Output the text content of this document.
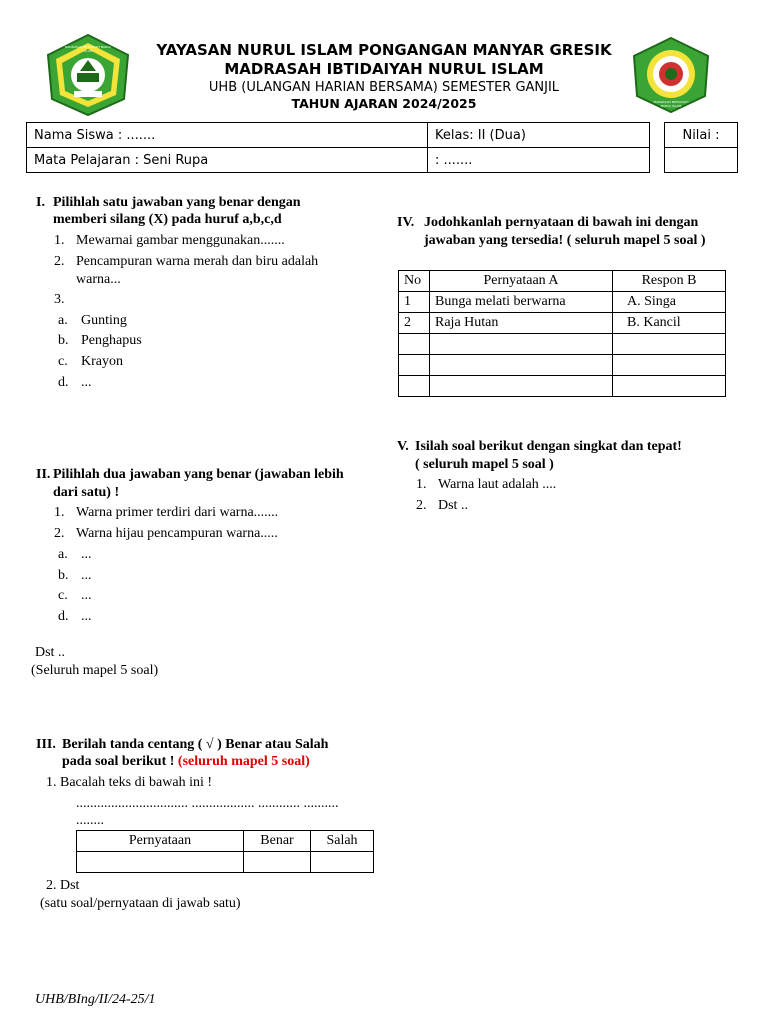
MADRASAH IBTIDAIYAH NURUL ISLAM
MADRASAH IBTIDAIYAH NURUL ISLAM
YAYASAN NURUL ISLAM PONGANGAN MANYAR GRESIK
MADRASAH IBTIDAIYAH NURUL ISLAM
UHB (ULANGAN HARIAN BERSAMA) SEMESTER GANJIL
TAHUN AJARAN 2024/2025
Nama Siswa : .......	Kelas: II (Dua)
Mata Pelajaran : Seni Rupa	: .......
Nilai :

I. Pilihlah satu jawaban yang benar dengan
memberi silang (X) pada huruf a,b,c,d
1. Mewarnai gambar menggunakan.......
2. Pencampuran warna merah dan biru adalah
warna...
3.
a. Gunting
b. Penghapus
c. Krayon
d. ...
II. Pilihlah dua jawaban yang benar (jawaban lebih
dari satu) !
1. Warna primer terdiri dari warna.......
2. Warna hijau pencampuran warna.....
a. ...
b. ...
c. ...
d. ...
Dst ..
(Seluruh mapel 5 soal)
III. Berilah tanda centang ( √ ) Benar atau Salah
pada soal berikut ! (seluruh mapel 5 soal)
1. Bacalah teks di bawah ini !
................................ .................. ............ ..........
........
Pernyataan	Benar	Salah

2. Dst
(satu soal/pernyataan di jawab satu)
IV. Jodohkanlah pernyataan di bawah ini dengan
jawaban yang tersedia! ( seluruh mapel 5 soal )
No	Pernyataan A	Respon B
1	Bunga melati berwarna	A. Singa
2	Raja Hutan	B. Kancil

V. Isilah soal berikut dengan singkat dan tepat!
( seluruh mapel 5 soal )
1. Warna laut adalah ....
2. Dst ..
UHB/BIng/II/24-25/1
